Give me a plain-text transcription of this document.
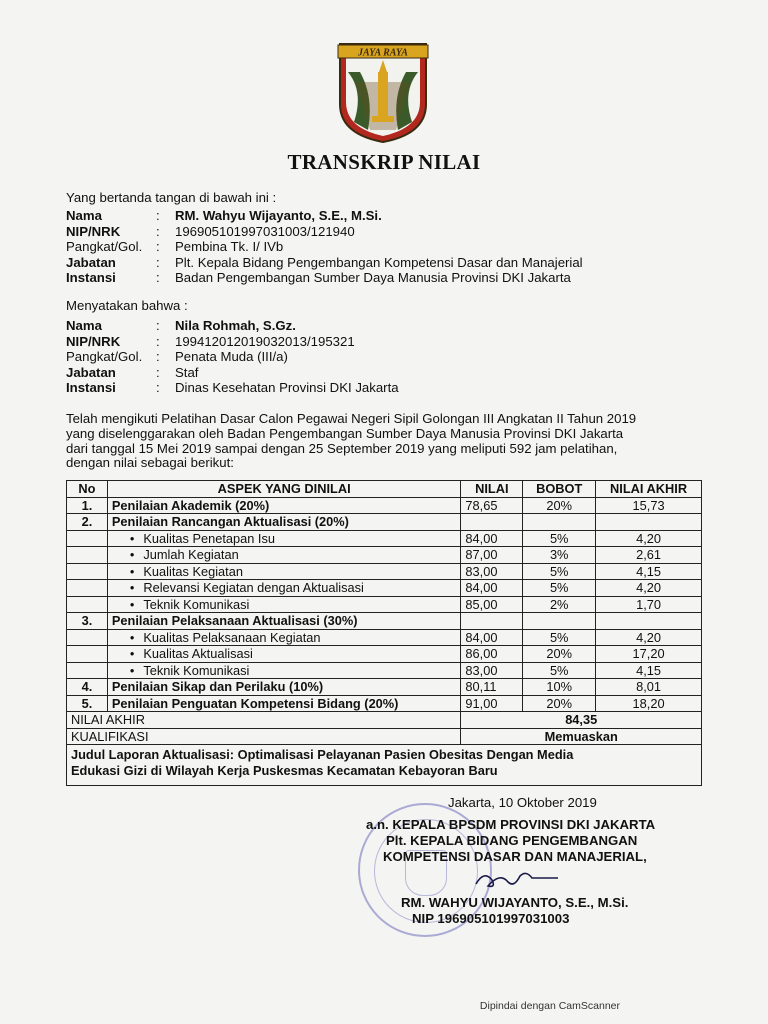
JAYA RAYA
TRANSKRIP NILAI
Yang bertanda tangan di bawah ini :
Nama	:	RM. Wahyu Wijayanto, S.E., M.Si.
NIP/NRK	:	196905101997031003/121940
Pangkat/Gol.	:	Pembina Tk. I/ IVb
Jabatan	:	Plt. Kepala Bidang Pengembangan Kompetensi Dasar dan Manajerial
Instansi	:	Badan Pengembangan Sumber Daya Manusia Provinsi DKI Jakarta
Menyatakan bahwa :
Nama	:	Nila Rohmah, S.Gz.
NIP/NRK	:	199412012019032013/195321
Pangkat/Gol.	:	Penata Muda (III/a)
Jabatan	:	Staf
Instansi	:	Dinas Kesehatan Provinsi DKI Jakarta
Telah mengikuti Pelatihan Dasar Calon Pegawai Negeri Sipil Golongan III Angkatan II Tahun 2019
yang diselenggarakan oleh Badan Pengembangan Sumber Daya Manusia Provinsi DKI Jakarta
dari tanggal 15 Mei 2019 sampai dengan 25 September 2019 yang meliputi 592 jam pelatihan,
dengan nilai sebagai berikut:
No	ASPEK YANG DINILAI	NILAI	BOBOT	NILAI AKHIR
1.	Penilaian Akademik (20%)	78,65	20%	15,73
2.	Penilaian Rancangan Aktualisasi (20%)			
	• Kualitas Penetapan Isu	84,00	5%	4,20
	• Jumlah Kegiatan	87,00	3%	2,61
	• Kualitas Kegiatan	83,00	5%	4,15
	• Relevansi Kegiatan dengan Aktualisasi	84,00	5%	4,20
	• Teknik Komunikasi	85,00	2%	1,70
3.	Penilaian Pelaksanaan Aktualisasi (30%)			
	• Kualitas Pelaksanaan Kegiatan	84,00	5%	4,20
	• Kualitas Aktualisasi	86,00	20%	17,20
	• Teknik Komunikasi	83,00	5%	4,15
4.	Penilaian Sikap dan Perilaku (10%)	80,11	10%	8,01
5.	Penilaian Penguatan Kompetensi Bidang (20%)	91,00	20%	18,20
NILAI AKHIR		84,35		
KUALIFIKASI		Memuaskan		

Judul Laporan Aktualisasi: Optimalisasi Pelayanan Pasien Obesitas Dengan Media
Edukasi Gizi di Wilayah Kerja Puskesmas Kecamatan Kebayoran Baru				
Jakarta, 10 Oktober 2019
a.n. KEPALA BPSDM PROVINSI DKI JAKARTA
Plt. KEPALA BIDANG PENGEMBANGAN
KOMPETENSI DASAR DAN MANAJERIAL,
RM. WAHYU WIJAYANTO, S.E., M.Si.
NIP 196905101997031003
Dipindai dengan CamScanner
